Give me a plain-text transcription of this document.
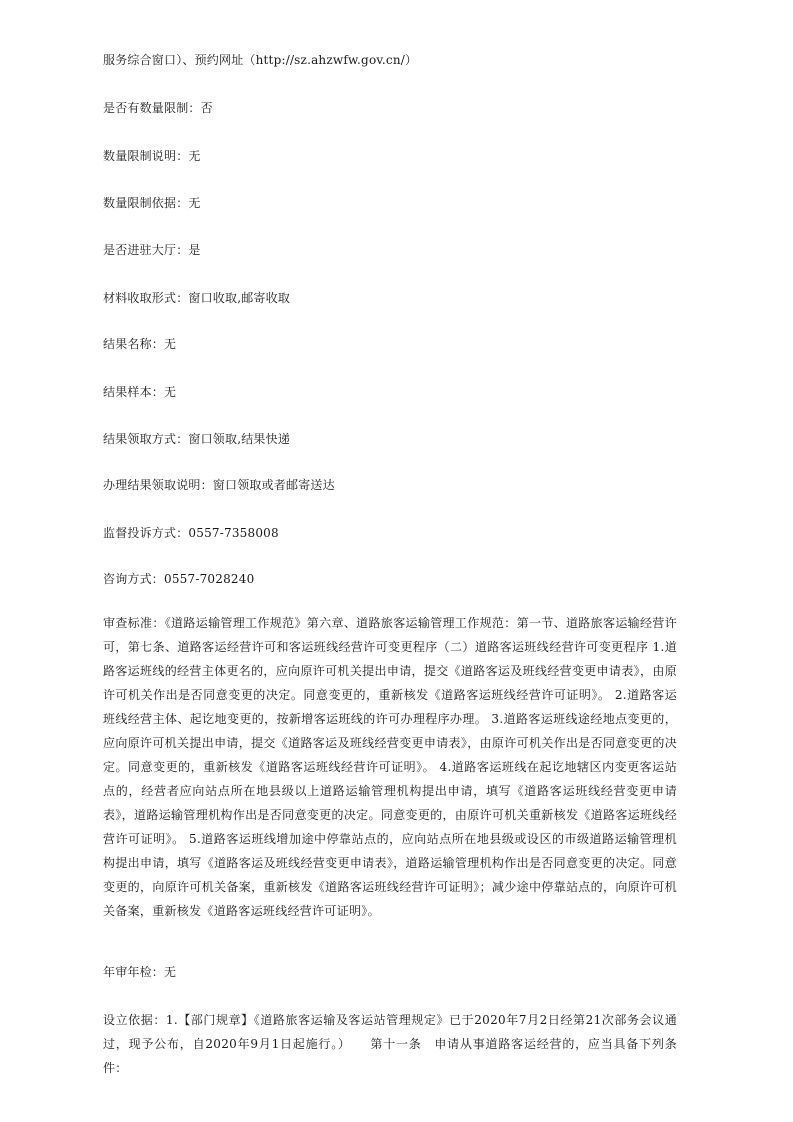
服务综合窗口）、预约网址（http://sz.ahzwfw.gov.cn/）
是否有数量限制：否
数量限制说明：无
数量限制依据：无
是否进驻大厅：是
材料收取形式：窗口收取,邮寄收取
结果名称：无
结果样本：无
结果领取方式：窗口领取,结果快递
办理结果领取说明：窗口领取或者邮寄送达
监督投诉方式：0557-7358008
咨询方式：0557-7028240
审查标准：《道路运输管理工作规范》第六章、道路旅客运输管理工作规范：第一节、道路旅客运输经营许可，第七条、道路客运经营许可和客运班线经营许可变更程序（二）道路客运班线经营许可变更程序 1.道路客运班线的经营主体更名的，应向原许可机关提出申请，提交《道路客运及班线经营变更申请表》，由原许可机关作出是否同意变更的决定。同意变更的，重新核发《道路客运班线经营许可证明》。 2.道路客运班线经营主体、起讫地变更的，按新增客运班线的许可办理程序办理。 3.道路客运班线途经地点变更的，应向原许可机关提出申请，提交《道路客运及班线经营变更申请表》，由原许可机关作出是否同意变更的决定。同意变更的，重新核发《道路客运班线经营许可证明》。 4.道路客运班线在起讫地辖区内变更客运站点的，经营者应向站点所在地县级以上道路运输管理机构提出申请，填写《道路客运班线经营变更申请表》，道路运输管理机构作出是否同意变更的决定。同意变更的，由原许可机关重新核发《道路客运班线经营许可证明》。 5.道路客运班线增加途中停靠站点的，应向站点所在地县级或设区的市级道路运输管理机构提出申请，填写《道路客运及班线经营变更申请表》，道路运输管理机构作出是否同意变更的决定。同意变更的，向原许可机关备案，重新核发《道路客运班线经营许可证明》；减少途中停靠站点的，向原许可机关备案，重新核发《道路客运班线经营许可证明》。
年审年检：无
设立依据：1.【部门规章】《道路旅客运输及客运站管理规定》已于2020年7月2日经第21次部务会议通过，现予公布，自2020年9月1日起施行。）　　第十一条　申请从事道路客运经营的，应当具备下列条件：
